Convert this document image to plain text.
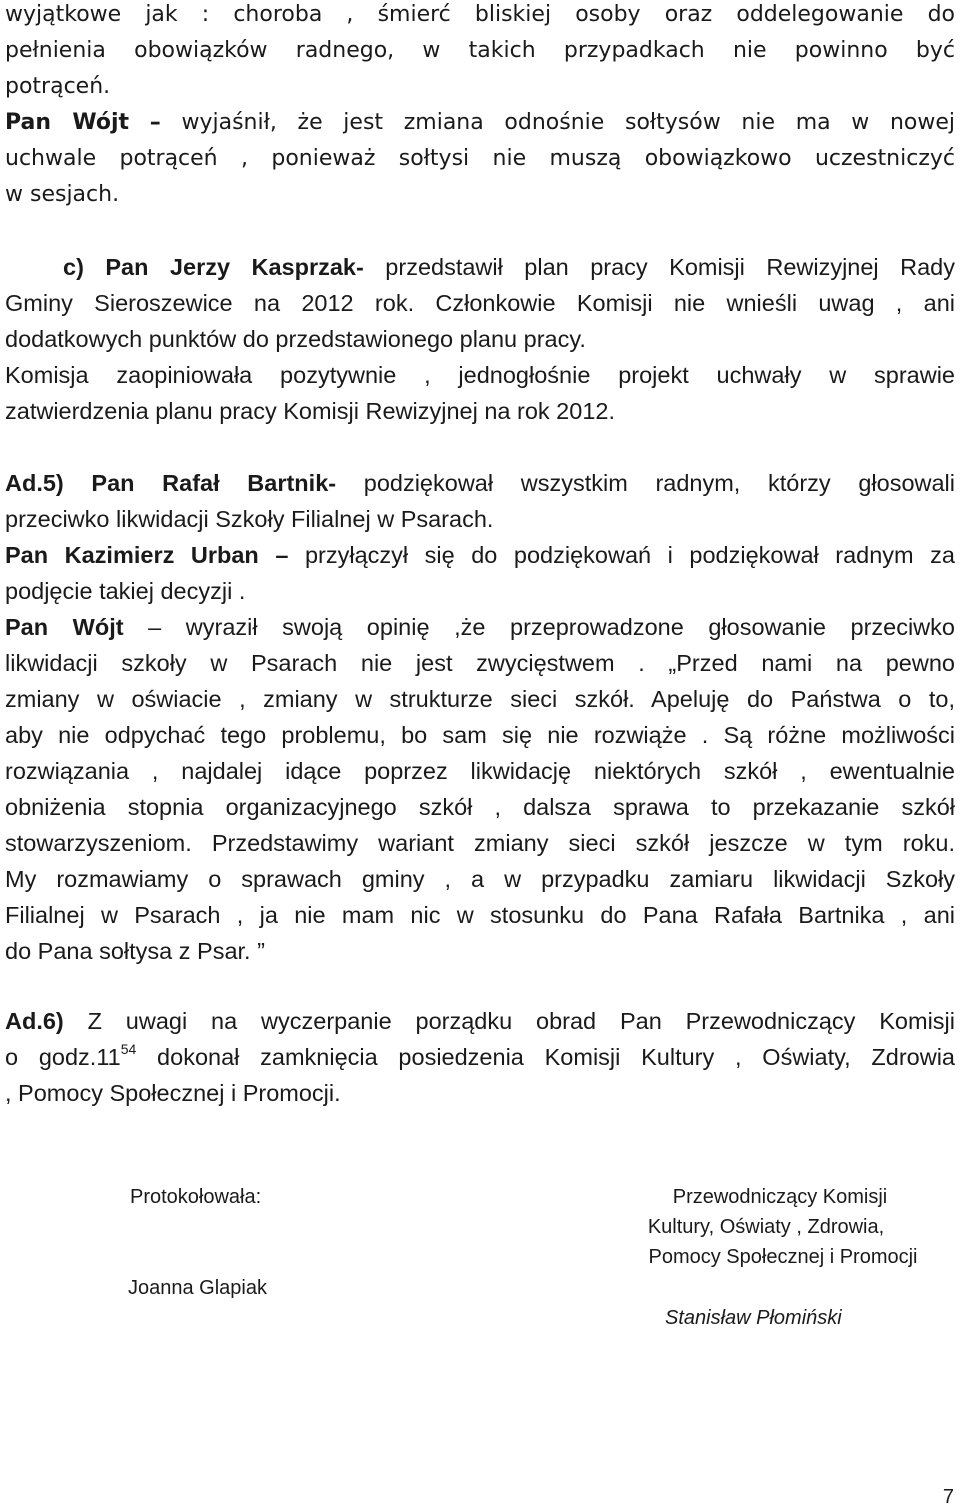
wyjątkowe jak : choroba , śmierć bliskiej osoby oraz oddelegowanie do
pełnienia obowiązków radnego, w takich przypadkach nie powinno być
potrąceń.
Pan Wójt – wyjaśnił, że jest zmiana odnośnie sołtysów nie ma w nowej
uchwale potrąceń , ponieważ sołtysi nie muszą obowiązkowo uczestniczyć
w sesjach.
c) Pan Jerzy Kasprzak- przedstawił plan pracy Komisji Rewizyjnej Rady
Gminy Sieroszewice na 2012 rok. Członkowie Komisji nie wnieśli uwag , ani
dodatkowych punktów do przedstawionego planu pracy.
Komisja zaopiniowała pozytywnie , jednogłośnie projekt uchwały w sprawie
zatwierdzenia planu pracy Komisji Rewizyjnej na rok 2012.
Ad.5) Pan Rafał Bartnik- podziękował wszystkim radnym, którzy głosowali
przeciwko likwidacji Szkoły Filialnej w Psarach.
Pan Kazimierz Urban – przyłączył się do podziękowań i podziękował radnym za
podjęcie takiej decyzji .
Pan Wójt – wyraził swoją opinię ,że przeprowadzone głosowanie przeciwko
likwidacji szkoły w Psarach nie jest zwycięstwem . „Przed nami na pewno
zmiany w oświacie , zmiany w strukturze sieci szkół. Apeluję do Państwa o to,
aby nie odpychać tego problemu, bo sam się nie rozwiąże . Są różne możliwości
rozwiązania , najdalej idące poprzez likwidację niektórych szkół , ewentualnie
obniżenia stopnia organizacyjnego szkół , dalsza sprawa to przekazanie szkół
stowarzyszeniom. Przedstawimy wariant zmiany sieci szkół jeszcze w tym roku.
My rozmawiamy o sprawach gminy , a w przypadku zamiaru likwidacji Szkoły
Filialnej w Psarach , ja nie mam nic w stosunku do Pana Rafała Bartnika , ani
do Pana sołtysa z Psar. ”
Ad.6) Z uwagi na wyczerpanie porządku obrad Pan Przewodniczący Komisji
o $godz.11^{54}$ dokonał zamknięcia posiedzenia Komisji Kultury , Oświaty, Zdrowia
, Pomocy Społecznej i Promocji.
Protokołowała:
Joanna Glapiak
Przewodniczący Komisji
Kultury, Oświaty , Zdrowia,
Pomocy Społecznej i Promocji
Stanisław Płomiński
7
